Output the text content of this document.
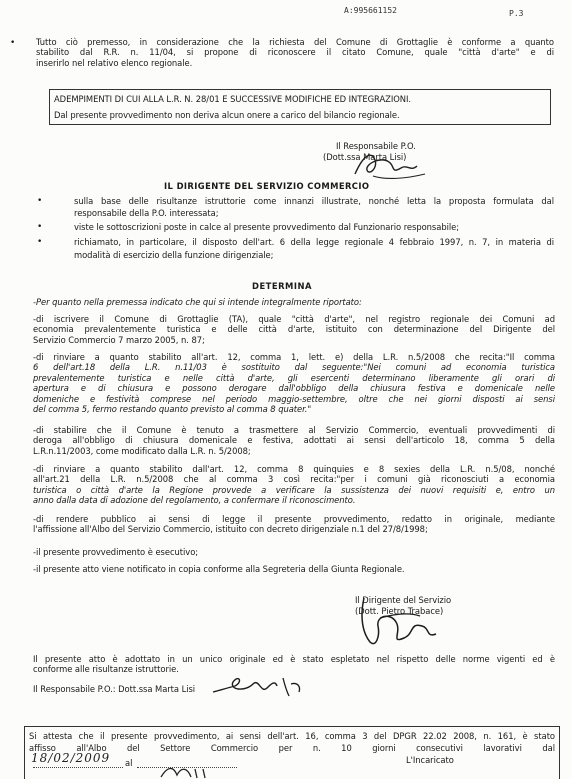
A:995661152	P.3
• Tutto ciò premesso, in considerazione che la richiesta del Comune di Grottaglie è conforme a quanto
stabilito dal R.R. n. 11/04, si propone di riconoscere il citato Comune, quale "città d'arte" e di
inserirlo nel relativo elenco regionale.
ADEMPIMENTI DI CUI ALLA L.R. N. 28/01 E SUCCESSIVE MODIFICHE ED INTEGRAZIONI.
Dal presente provvedimento non deriva alcun onere a carico del bilancio regionale.
Il Responsabile P.O.
(Dott.ssa Marta Lisi)
IL DIRIGENTE DEL SERVIZIO COMMERCIO
•	sulla base delle risultanze istruttorie come innanzi illustrate, nonché letta la proposta formulata dal
responsabile della P.O. interessata;
•	viste le sottoscrizioni poste in calce al presente provvedimento dal Funzionario responsabile;
•	richiamato, in particolare, il disposto dell'art. 6 della legge regionale 4 febbraio 1997, n. 7, in materia di
modalità di esercizio della funzione dirigenziale;
DETERMINA
-Per quanto nella premessa indicato che qui si intende integralmente riportato:
-di iscrivere il Comune di Grottaglie (TA), quale "città d'arte", nel registro regionale dei Comuni ad
economia prevalentemente turistica e delle città d'arte, istituito con determinazione del Dirigente del
Servizio Commercio 7 marzo 2005, n. 87;
-di rinviare a quanto stabilito all'art. 12, comma 1, lett. e) della L.R. n.5/2008 che recita:"Il comma
6 dell'art.18 della L.R. n.11/03 è sostituito dal seguente:"Nei comuni ad economia turistica
prevalentemente turistica e nelle città d'arte, gli esercenti determinano liberamente gli orari di
apertura e di chiusura e possono derogare dall'obbligo della chiusura festiva e domenicale nelle
domeniche e festività comprese nel periodo maggio-settembre, oltre che nei giorni disposti ai sensi
del comma 5, fermo restando quanto previsto al comma 8 quater."
-di stabilire che il Comune è tenuto a trasmettere al Servizio Commercio, eventuali provvedimenti di
deroga all'obbligo di chiusura domenicale e festiva, adottati ai sensi dell'articolo 18, comma 5 della
L.R.n.11/2003, come modificato dalla L.R. n. 5/2008;
-di rinviare a quanto stabilito dall'art. 12, comma 8 quinquies e 8 sexies della L.R. n.5/08, nonché
all'art.21 della L.R. n.5/2008 che al comma 3 così recita:"per i comuni già riconosciuti a economia
turistica o città d'arte la Regione provvede a verificare la sussistenza dei nuovi requisiti e, entro un
anno dalla data di adozione del regolamento, a confermare il riconoscimento.
-di rendere pubblico ai sensi di legge il presente provvedimento, redatto in originale, mediante
l'affissione all'Albo del Servizio Commercio, istituito con decreto dirigenziale n.1 del 27/8/1998;
-il presente provvedimento è esecutivo;
-il presente atto viene notificato in copia conforme alla Segreteria della Giunta Regionale.
Il Dirigente del Servizio
(Dott. Pietro Trabace)
Il presente atto è adottato in un unico originale ed è stato espletato nel rispetto delle norme vigenti ed è
conforme alle risultanze istruttorie.
Il Responsabile P.O.: Dott.ssa Marta Lisi
Si attesta che il presente provvedimento, ai sensi dell'art. 16, comma 3 del DPGR 22.02 2008, n. 161, è stato
affisso all'Albo del Settore Commercio per n. 10 giorni consecutivi lavorativi dal
18/02/2009 al	L'Incaricato
